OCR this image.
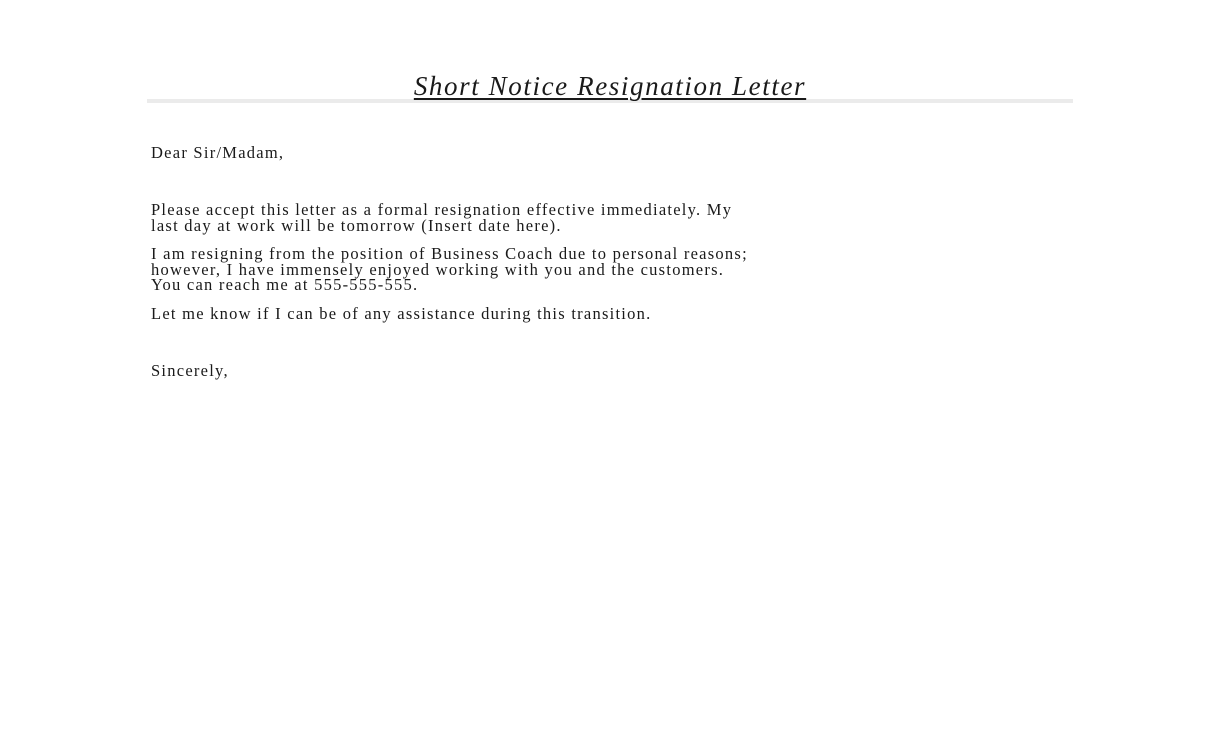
Short Notice Resignation Letter
Dear Sir/Madam,
Please accept this letter as a formal resignation effective immediately. My
last day at work will be tomorrow (Insert date here).
I am resigning from the position of Business Coach due to personal reasons;
however, I have immensely enjoyed working with you and the customers.
You can reach me at 555-555-555.
Let me know if I can be of any assistance during this transition.
Sincerely,
